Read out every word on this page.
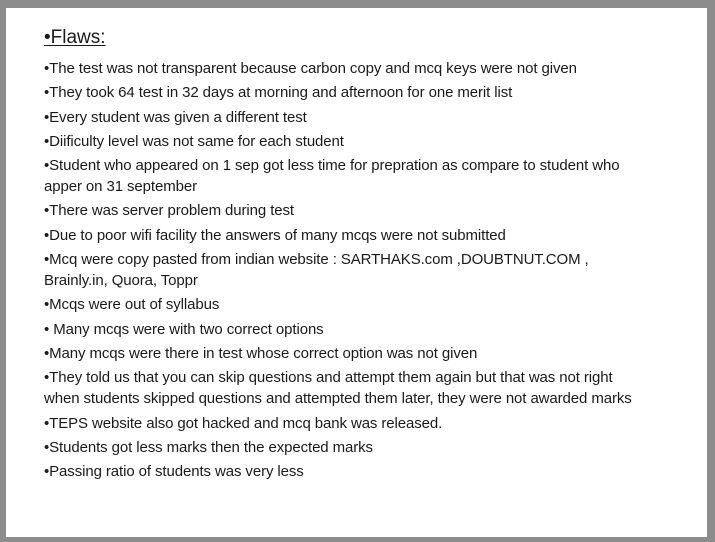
•Flaws:
•The test was not transparent because carbon copy and mcq keys were not given
•They took 64 test in 32 days at morning and afternoon for one merit list
•Every student was given a different test
•Diificulty level was not same for each student
•Student who appeared on 1 sep got less time for prepration as compare to student who apper on 31 september
•There was server problem during test
•Due to poor wifi facility the answers of many mcqs were not submitted
•Mcq were copy pasted from indian website : SARTHAKS.com ,DOUBTNUT.COM , Brainly.in, Quora, Toppr
•Mcqs were out of syllabus
• Many mcqs were with two correct options
•Many mcqs were there in test whose correct option was not given
•They told us that you can skip questions and attempt them again but that was not right when students skipped questions and attempted them later, they were not awarded marks
•TEPS website also got hacked and mcq bank was released.
•Students got less marks then the expected marks
•Passing ratio of students was very less
